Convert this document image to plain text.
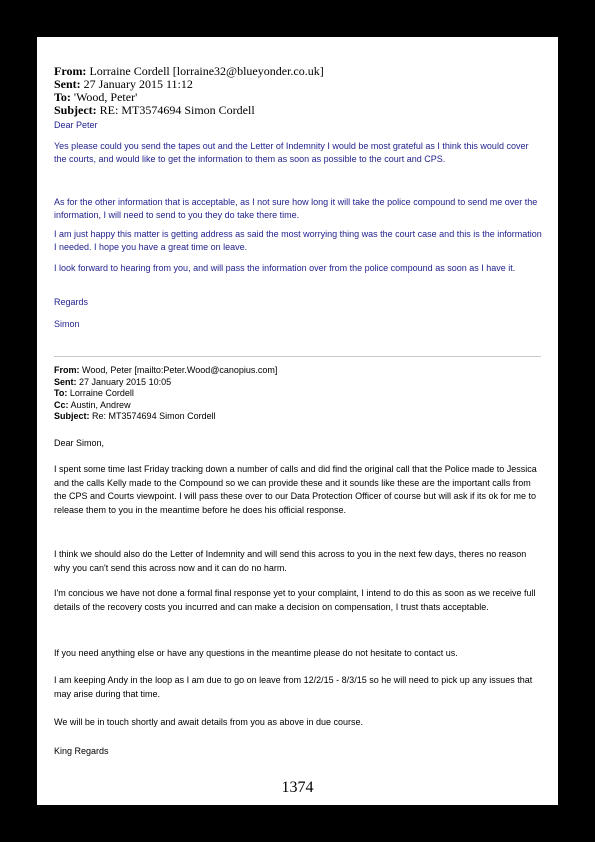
From: Lorraine Cordell [lorraine32@blueyonder.co.uk]
Sent: 27 January 2015 11:12
To: 'Wood, Peter'
Subject: RE: MT3574694 Simon Cordell

Dear Peter

Yes please could you send the tapes out and the Letter of Indemnity I would be most grateful as I think this would cover the courts, and would like to get the information to them as soon as possible to the court and CPS.

As for the other information that is acceptable, as I not sure how long it will take the police compound to send me over the information, I will need to send to you they do take there time.

I am just happy this matter is getting address as said the most worrying thing was the court case and this is the information I needed. I hope you have a great time on leave.

I look forward to hearing from you, and will pass the information over from the police compound as soon as I have it.

Regards

Simon

From: Wood, Peter [mailto:Peter.Wood@canopius.com]
Sent: 27 January 2015 10:05
To: Lorraine Cordell
Cc: Austin, Andrew
Subject: Re: MT3574694 Simon Cordell

Dear Simon,

I spent some time last Friday tracking down a number of calls and did find the original call that the Police made to Jessica and the calls Kelly made to the Compound so we can provide these and it sounds like these are the important calls from the CPS and Courts viewpoint. I will pass these over to our Data Protection Officer of course but will ask if its ok for me to release them to you in the meantime before he does his official response.

I think we should also do the Letter of Indemnity and will send this across to you in the next few days, theres no reason why you can't send this across now and it can do no harm.

I'm concious we have not done a formal final response yet to your complaint, I intend to do this as soon as we receive full details of the recovery costs you incurred and can make a decision on compensation, I trust thats acceptable.

If you need anything else or have any questions in the meantime please do not hesitate to contact us.

I am keeping Andy in the loop as I am due to go on leave from 12/2/15 - 8/3/15 so he will need to pick up any issues that may arise during that time.

We will be in touch shortly and await details from you as above in due course.

King Regards

1374
